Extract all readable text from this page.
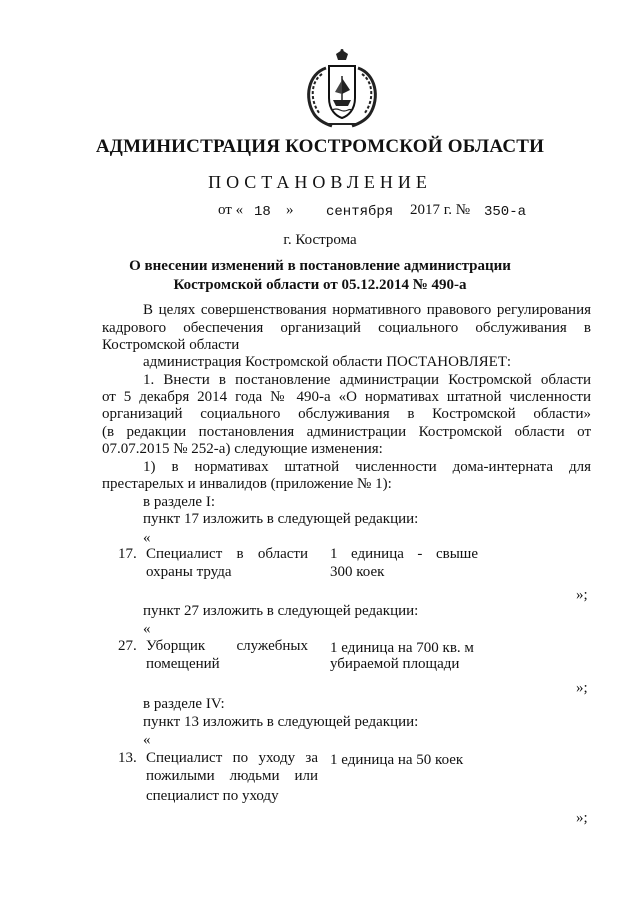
АДМИНИСТРАЦИЯ КОСТРОМСКОЙ ОБЛАСТИ
ПОСТАНОВЛЕНИЕ
от « 18 » сентября 2017 г. № 350-а
г. Кострома
О внесении изменений в постановление администрации
Костромской области от 05.12.2014 № 490-а
В целях совершенствования нормативного правового регулирования
кадрового обеспечения организаций социального обслуживания в
Костромской области
администрация Костромской области ПОСТАНОВЛЯЕТ:
1. Внести в постановление администрации Костромской области
от 5 декабря 2014 года № 490-а «О нормативах штатной численности
организаций социального обслуживания в Костромской области»
(в редакции постановления администрации Костромской области от
07.07.2015 № 252-а) следующие изменения:
1) в нормативах штатной численности дома-интерната для
престарелых и инвалидов (приложение № 1):
в разделе I:
пункт 17 изложить в следующей редакции:
«
17. Специалист в области
охраны труда
1 единица - свыше
300 коек
»;
пункт 27 изложить в следующей редакции:
«
27. Уборщик служебных
помещений
1 единица на 700 кв. м
убираемой площади
»;
в разделе IV:
пункт 13 изложить в следующей редакции:
«
13. Специалист по уходу за
пожилыми людьми или
специалист по уходу
1 единица на 50 коек
»;
